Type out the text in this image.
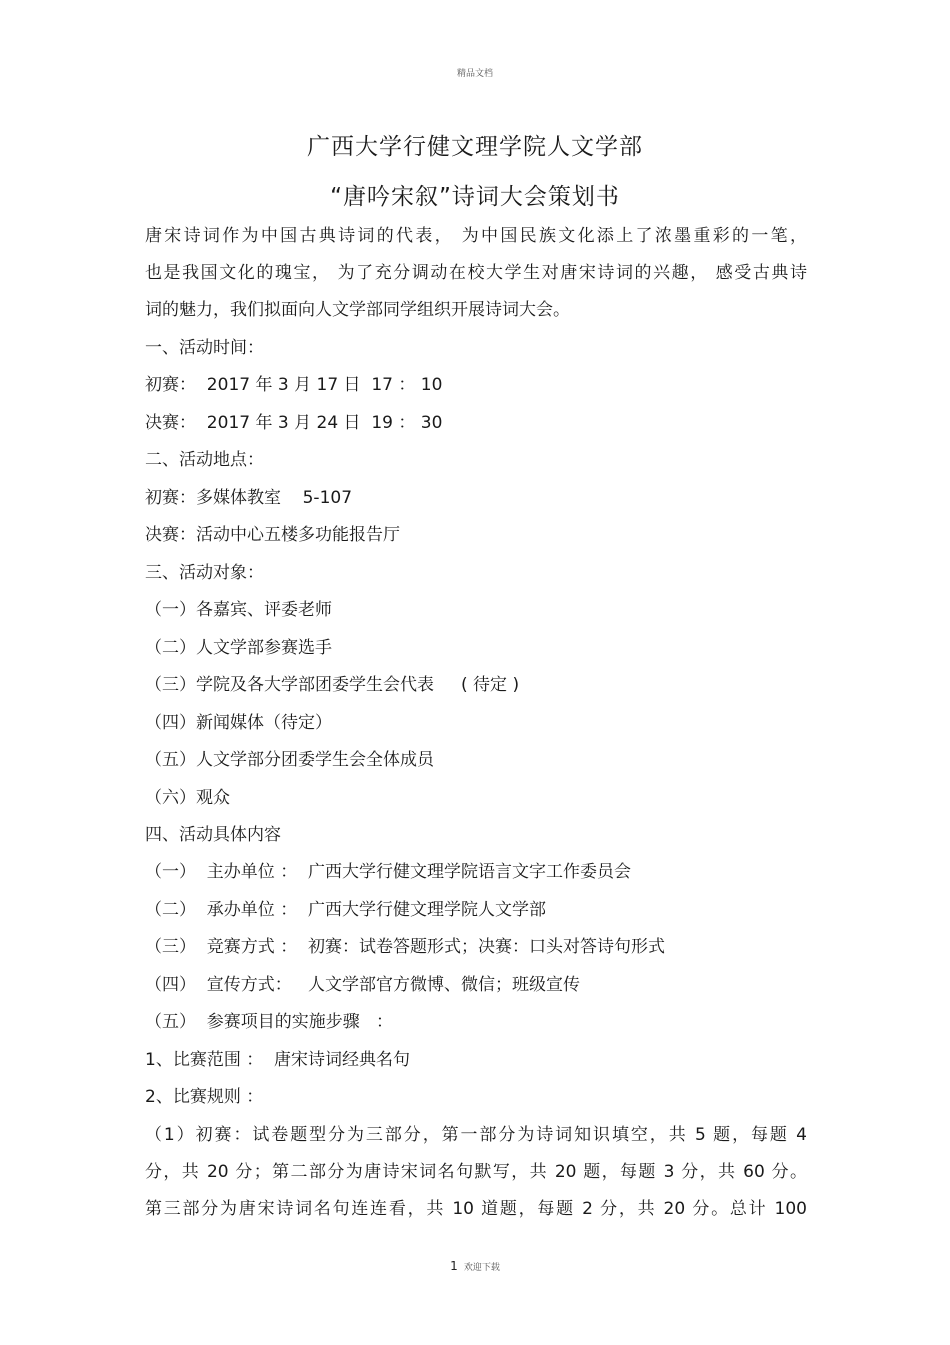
精品文档
广西大学行健文理学院人文学部
“唐吟宋叙”诗词大会策划书
唐宋诗词作为中国古典诗词的代表， 为中国民族文化添上了浓墨重彩的一笔，
也是我国文化的瑰宝， 为了充分调动在校大学生对唐宋诗词的兴趣， 感受古典诗
词的魅力，我们拟面向人文学部同学组织开展诗词大会。
一、活动时间：
初赛：  2017 年 3 月 17 日  17 ： 10
决赛：  2017 年 3 月 24 日  19 ： 30
二、活动地点：
初赛：多媒体教室    5-107
决赛：活动中心五楼多功能报告厅
三、活动对象：
（一）各嘉宾、评委老师
（二）人文学部参赛选手
（三）学院及各大学部团委学生会代表     ( 待定 )
（四）新闻媒体（待定）
（五）人文学部分团委学生会全体成员
（六）观众
四、活动具体内容
（一）  主办单位 ：  广西大学行健文理学院语言文字工作委员会
（二）  承办单位 ：  广西大学行健文理学院人文学部
（三）  竞赛方式 ：  初赛：试卷答题形式；决赛：口头对答诗句形式
（四）  宣传方式：   人文学部官方微博、微信；班级宣传
（五）  参赛项目的实施步骤   ：
1、比赛范围 ：  唐宋诗词经典名句
2、比赛规则 ：
（1）初赛：试卷题型分为三部分，第一部分为诗词知识填空，共 5 题，每题 4
分，共 20 分；第二部分为唐诗宋词名句默写，共 20 题，每题 3 分，共 60 分。
第三部分为唐宋诗词名句连连看，共 10 道题，每题 2 分，共 20 分。总计 100
1 欢迎下载
